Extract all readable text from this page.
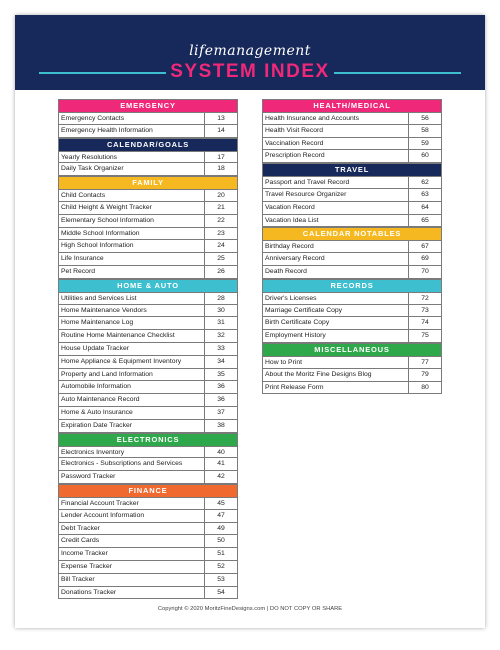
lifemanagement
SYSTEM INDEX
EMERGENCY
Emergency Contacts	13
Emergency Health Information	14
CALENDAR/GOALS
Yearly Resolutions	17
Daily Task Organizer	18
FAMILY
Child Contacts	20
Child Height & Weight Tracker	21
Elementary School Information	22
Middle School Information	23
High School Information	24
Life Insurance	25
Pet Record	26
HOME & AUTO
Utilities and Services List	28
Home Maintenance Vendors	30
Home Maintenance Log	31
Routine Home Maintenance Checklist	32
House Update Tracker	33
Home Appliance & Equipment Inventory	34
Property and Land Information	35
Automobile Information	36
Auto Maintenance Record	36
Home & Auto Insurance	37
Expiration Date Tracker	38
ELECTRONICS
Electronics Inventory	40
Electronics - Subscriptions and Services	41
Password Tracker	42
FINANCE
Financial Account Tracker	45
Lender Account Information	47
Debt Tracker	49
Credit Cards	50
Income Tracker	51
Expense Tracker	52
Bill Tracker	53
Donations Tracker	54
HEALTH/MEDICAL
Health Insurance and Accounts	56
Health Visit Record	58
Vaccination Record	59
Prescription Record	60
TRAVEL
Passport and Travel Record	62
Travel Resource Organizer	63
Vacation Record	64
Vacation Idea List	65
CALENDAR NOTABLES
Birthday Record	67
Anniversary Record	69
Death Record	70
RECORDS
Driver's Licenses	72
Marriage Certificate Copy	73
Birth Certificate Copy	74
Employment History	75
MISCELLANEOUS
How to Print	77
About the Moritz Fine Designs Blog	79
Print Release Form	80
Copyright © 2020 MoritzFineDesigns.com | DO NOT COPY OR SHARE
